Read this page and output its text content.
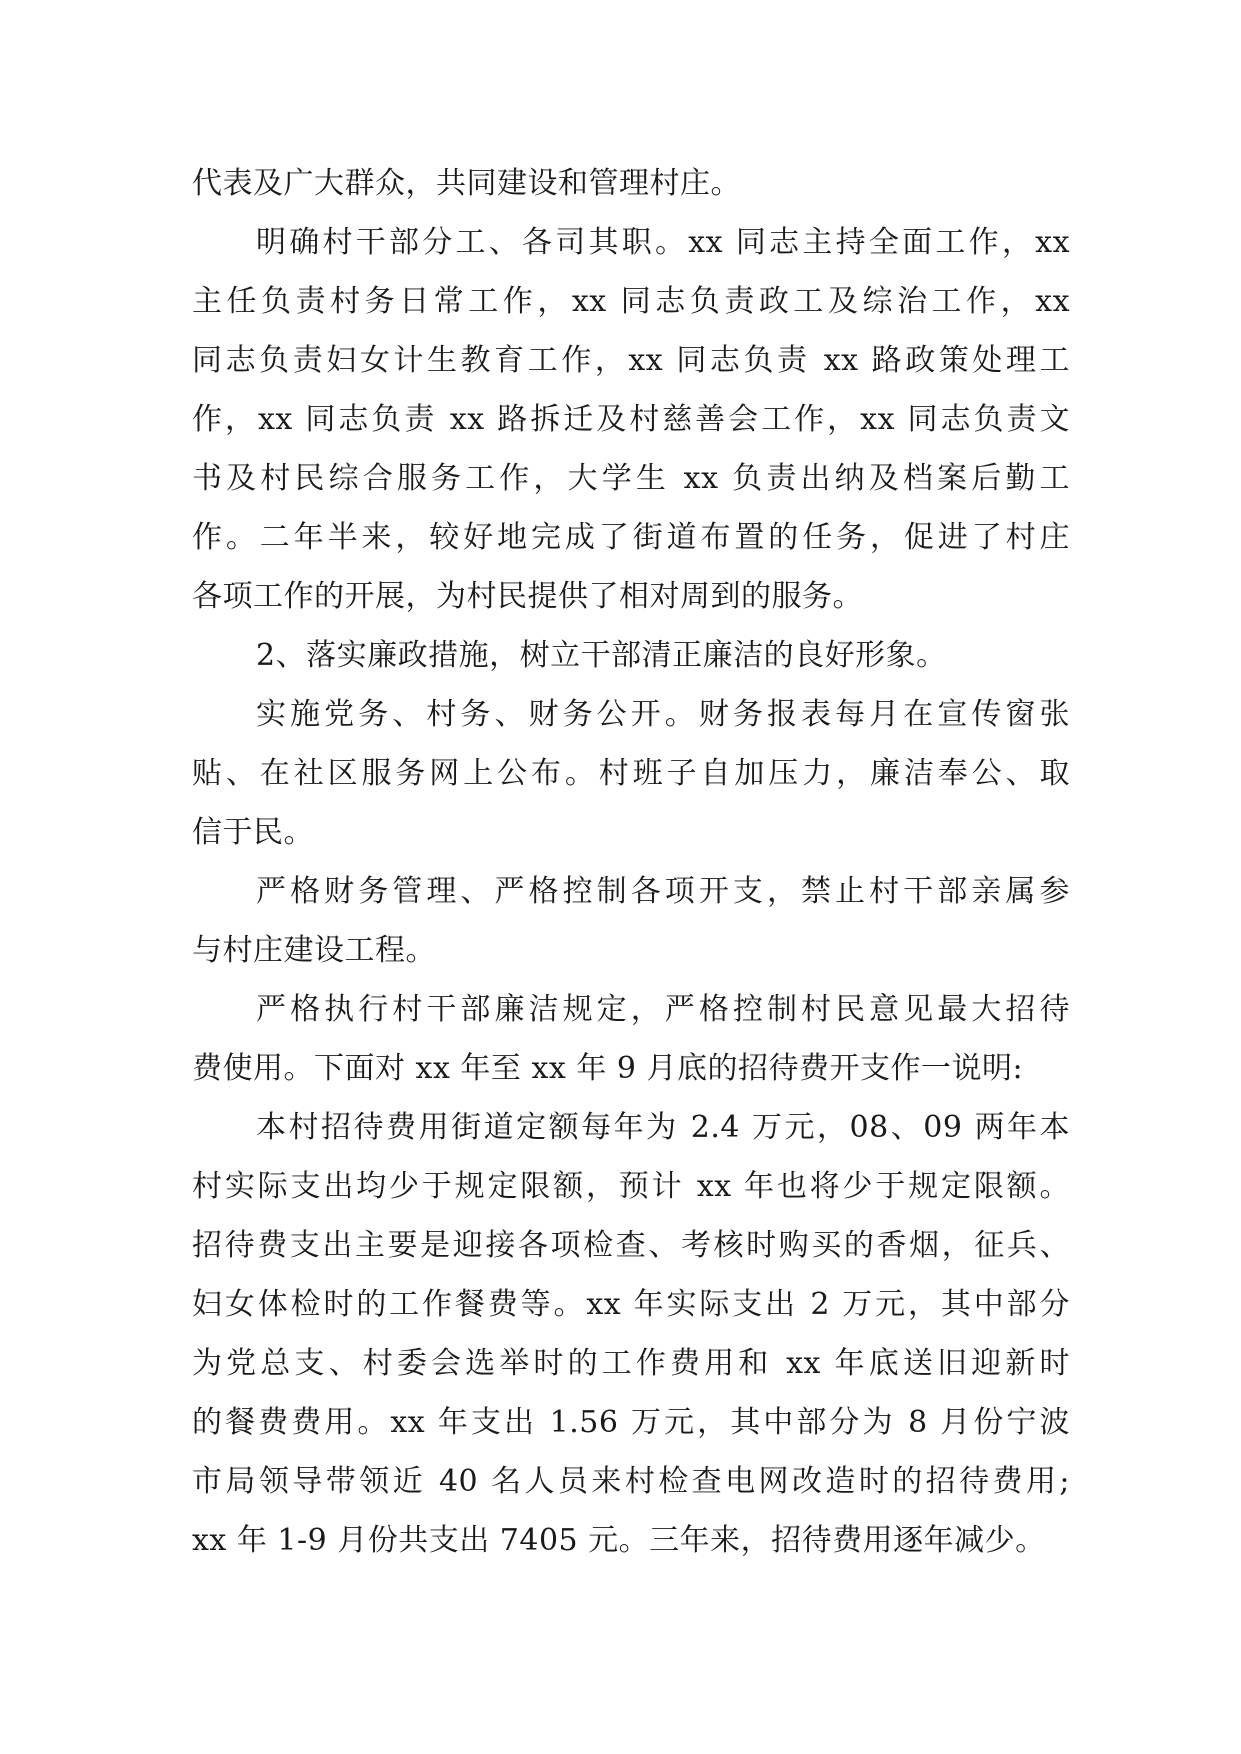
代表及广大群众，共同建设和管理村庄。
明确村干部分工、各司其职。xx 同志主持全面工作，xx
主任负责村务日常工作，xx 同志负责政工及综治工作，xx
同志负责妇女计生教育工作，xx 同志负责 xx 路政策处理工
作，xx 同志负责 xx 路拆迁及村慈善会工作，xx 同志负责文
书及村民综合服务工作，大学生 xx 负责出纳及档案后勤工
作。二年半来，较好地完成了街道布置的任务，促进了村庄
各项工作的开展，为村民提供了相对周到的服务。
2、落实廉政措施，树立干部清正廉洁的良好形象。
实施党务、村务、财务公开。财务报表每月在宣传窗张
贴、在社区服务网上公布。村班子自加压力，廉洁奉公、取
信于民。
严格财务管理、严格控制各项开支，禁止村干部亲属参
与村庄建设工程。
严格执行村干部廉洁规定，严格控制村民意见最大招待
费使用。下面对 xx 年至 xx 年 9 月底的招待费开支作一说明:
本村招待费用街道定额每年为 2.4 万元，08、09 两年本
村实际支出均少于规定限额，预计 xx 年也将少于规定限额。
招待费支出主要是迎接各项检查、考核时购买的香烟，征兵、
妇女体检时的工作餐费等。xx 年实际支出 2 万元，其中部分
为党总支、村委会选举时的工作费用和 xx 年底送旧迎新时
的餐费费用。xx 年支出 1.56 万元，其中部分为 8 月份宁波
市局领导带领近 40 名人员来村检查电网改造时的招待费用;
xx 年 1-9 月份共支出 7405 元。三年来，招待费用逐年减少。
